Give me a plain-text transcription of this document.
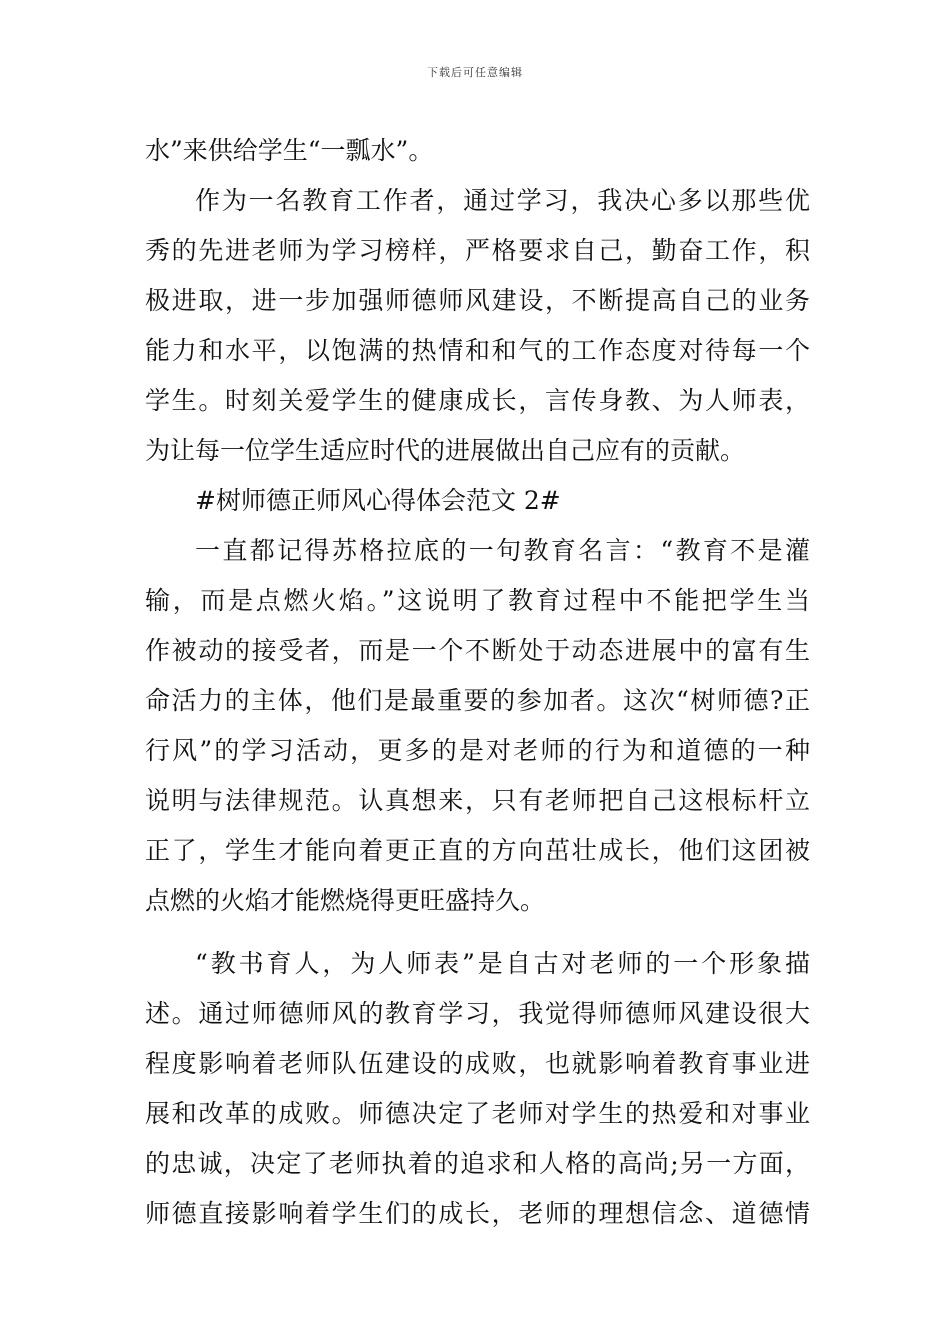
下载后可任意编辑
水”来供给学生“一瓢水”。
作为一名教育工作者，通过学习，我决心多以那些优
秀的先进老师为学习榜样，严格要求自己，勤奋工作，积
极进取，进一步加强师德师风建设，不断提高自己的业务
能力和水平，以饱满的热情和和气的工作态度对待每一个
学生。时刻关爱学生的健康成长，言传身教、为人师表，
为让每一位学生适应时代的进展做出自己应有的贡献。
#树师德正师风心得体会范文 2#
一直都记得苏格拉底的一句教育名言：“教育不是灌
输，而是点燃火焰。”这说明了教育过程中不能把学生当
作被动的接受者，而是一个不断处于动态进展中的富有生
命活力的主体，他们是最重要的参加者。这次“树师德?正
行风”的学习活动，更多的是对老师的行为和道德的一种
说明与法律规范。认真想来，只有老师把自己这根标杆立
正了，学生才能向着更正直的方向茁壮成长，他们这团被
点燃的火焰才能燃烧得更旺盛持久。
“教书育人，为人师表”是自古对老师的一个形象描
述。通过师德师风的教育学习，我觉得师德师风建设很大
程度影响着老师队伍建设的成败，也就影响着教育事业进
展和改革的成败。师德决定了老师对学生的热爱和对事业
的忠诚，决定了老师执着的追求和人格的高尚;另一方面，
师德直接影响着学生们的成长，老师的理想信念、道德情
